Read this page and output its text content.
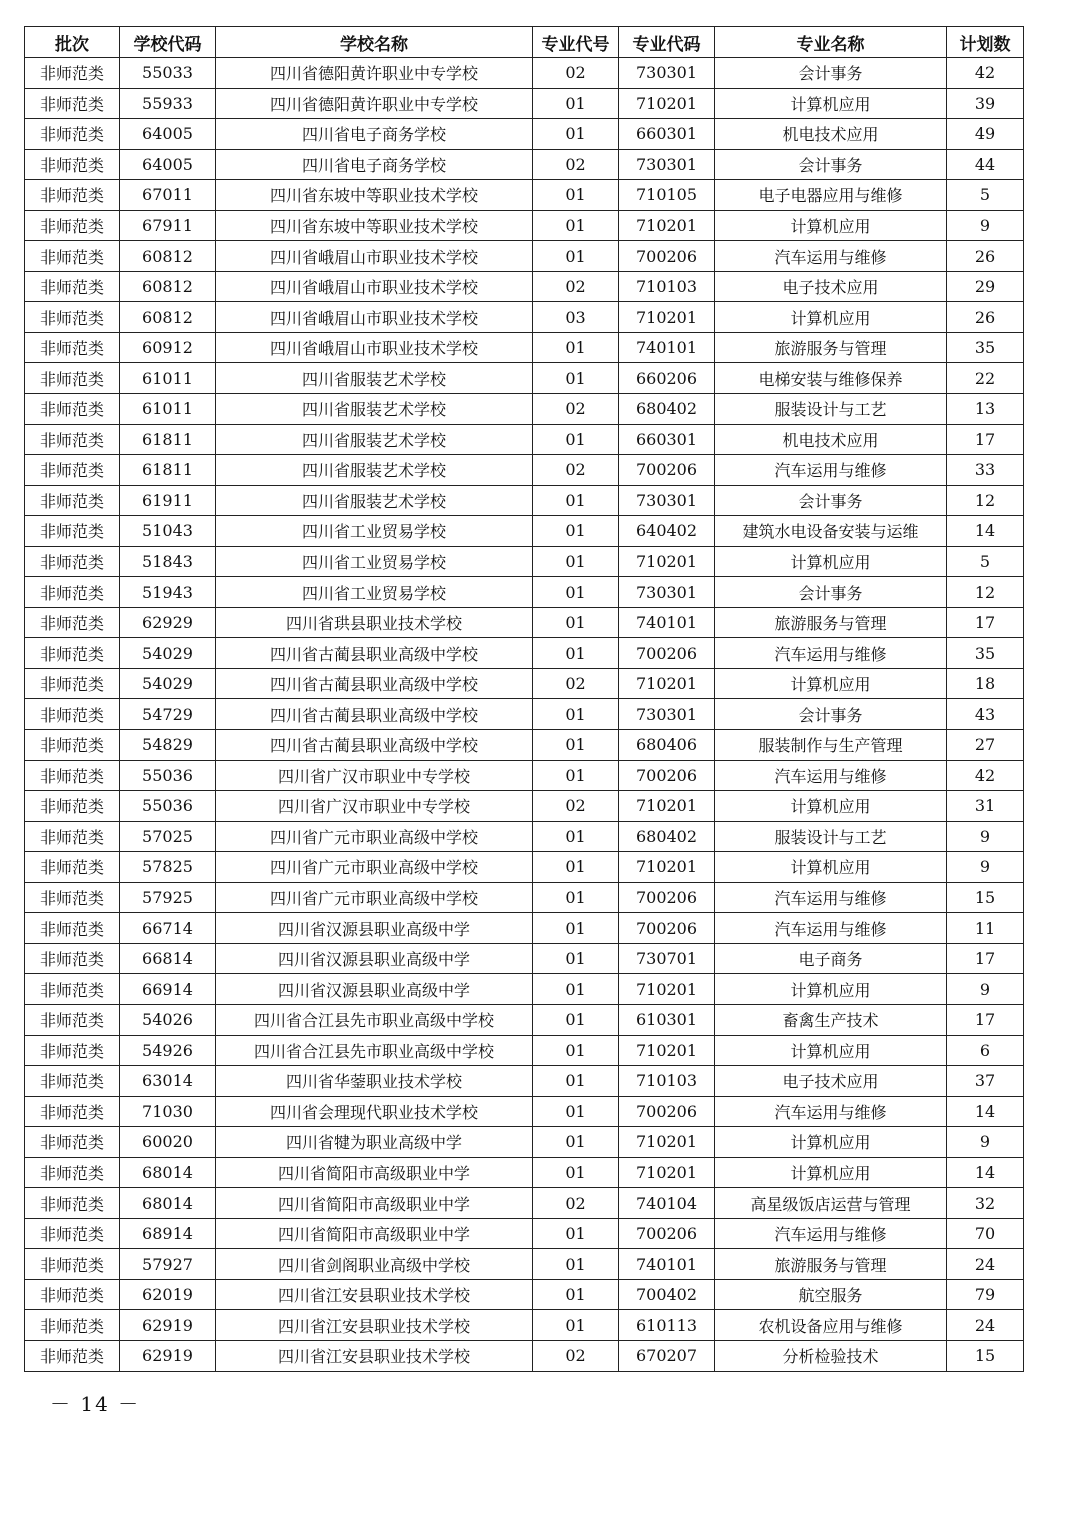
批次	学校代码	学校名称	专业代号	专业代码	专业名称	计划数
非师范类	55033	四川省德阳黄许职业中专学校	02	730301	会计事务	42
非师范类	55933	四川省德阳黄许职业中专学校	01	710201	计算机应用	39
非师范类	64005	四川省电子商务学校	01	660301	机电技术应用	49
非师范类	64005	四川省电子商务学校	02	730301	会计事务	44
非师范类	67011	四川省东坡中等职业技术学校	01	710105	电子电器应用与维修	5
非师范类	67911	四川省东坡中等职业技术学校	01	710201	计算机应用	9
非师范类	60812	四川省峨眉山市职业技术学校	01	700206	汽车运用与维修	26
非师范类	60812	四川省峨眉山市职业技术学校	02	710103	电子技术应用	29
非师范类	60812	四川省峨眉山市职业技术学校	03	710201	计算机应用	26
非师范类	60912	四川省峨眉山市职业技术学校	01	740101	旅游服务与管理	35
非师范类	61011	四川省服装艺术学校	01	660206	电梯安装与维修保养	22
非师范类	61011	四川省服装艺术学校	02	680402	服装设计与工艺	13
非师范类	61811	四川省服装艺术学校	01	660301	机电技术应用	17
非师范类	61811	四川省服装艺术学校	02	700206	汽车运用与维修	33
非师范类	61911	四川省服装艺术学校	01	730301	会计事务	12
非师范类	51043	四川省工业贸易学校	01	640402	建筑水电设备安装与运维	14
非师范类	51843	四川省工业贸易学校	01	710201	计算机应用	5
非师范类	51943	四川省工业贸易学校	01	730301	会计事务	12
非师范类	62929	四川省珙县职业技术学校	01	740101	旅游服务与管理	17
非师范类	54029	四川省古蔺县职业高级中学校	01	700206	汽车运用与维修	35
非师范类	54029	四川省古蔺县职业高级中学校	02	710201	计算机应用	18
非师范类	54729	四川省古蔺县职业高级中学校	01	730301	会计事务	43
非师范类	54829	四川省古蔺县职业高级中学校	01	680406	服装制作与生产管理	27
非师范类	55036	四川省广汉市职业中专学校	01	700206	汽车运用与维修	42
非师范类	55036	四川省广汉市职业中专学校	02	710201	计算机应用	31
非师范类	57025	四川省广元市职业高级中学校	01	680402	服装设计与工艺	9
非师范类	57825	四川省广元市职业高级中学校	01	710201	计算机应用	9
非师范类	57925	四川省广元市职业高级中学校	01	700206	汽车运用与维修	15
非师范类	66714	四川省汉源县职业高级中学	01	700206	汽车运用与维修	11
非师范类	66814	四川省汉源县职业高级中学	01	730701	电子商务	17
非师范类	66914	四川省汉源县职业高级中学	01	710201	计算机应用	9
非师范类	54026	四川省合江县先市职业高级中学校	01	610301	畜禽生产技术	17
非师范类	54926	四川省合江县先市职业高级中学校	01	710201	计算机应用	6
非师范类	63014	四川省华蓥职业技术学校	01	710103	电子技术应用	37
非师范类	71030	四川省会理现代职业技术学校	01	700206	汽车运用与维修	14
非师范类	60020	四川省犍为职业高级中学	01	710201	计算机应用	9
非师范类	68014	四川省简阳市高级职业中学	01	710201	计算机应用	14
非师范类	68014	四川省简阳市高级职业中学	02	740104	高星级饭店运营与管理	32
非师范类	68914	四川省简阳市高级职业中学	01	700206	汽车运用与维修	70
非师范类	57927	四川省剑阁职业高级中学校	01	740101	旅游服务与管理	24
非师范类	62019	四川省江安县职业技术学校	01	700402	航空服务	79
非师范类	62919	四川省江安县职业技术学校	01	610113	农机设备应用与维修	24
非师范类	62919	四川省江安县职业技术学校	02	670207	分析检验技术	15
－ 14 －
